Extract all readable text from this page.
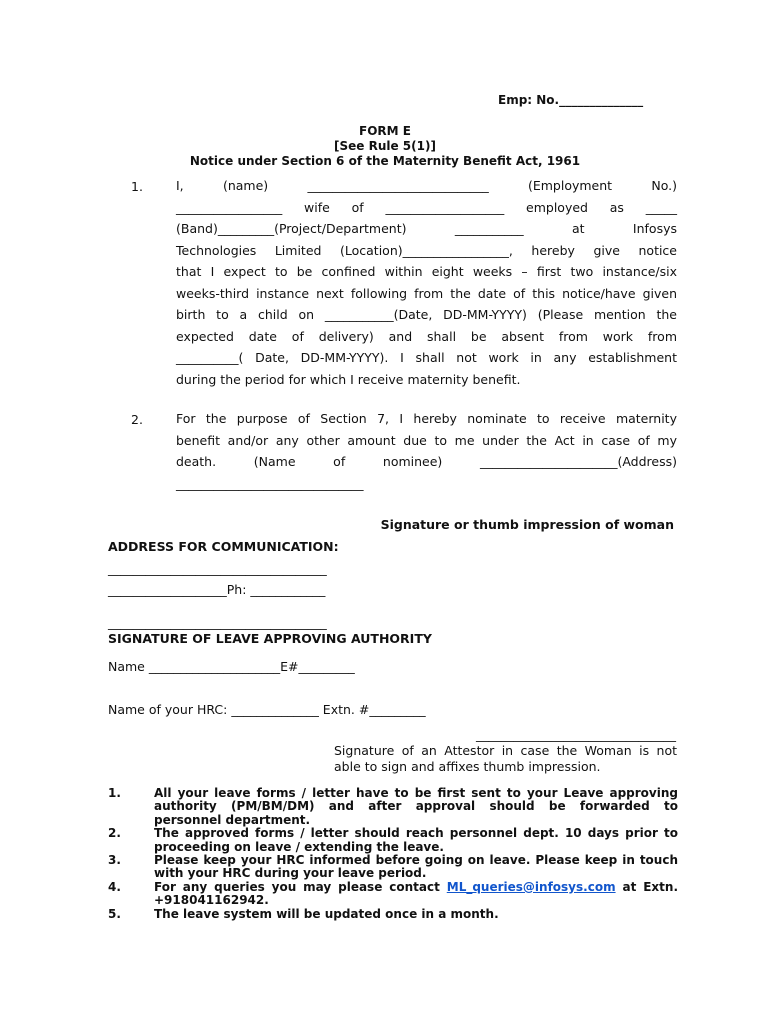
Emp: No.______________
FORM E
[See Rule 5(1)]
Notice under Section 6 of the Maternity Benefit Act, 1961
1.	I, (name) _____________________________ (Employment No.)
_________________ wife of ___________________ employed as _____
(Band)_________(Project/Department) ___________ at Infosys
Technologies Limited (Location)_________________, hereby give notice
that I expect to be confined within eight weeks – first two instance/six
weeks-third instance next following from the date of this notice/have given
birth to a child on ___________(Date, DD-MM-YYYY) (Please mention the
expected date of delivery) and shall be absent from work from
__________( Date, DD-MM-YYYY). I shall not work in any establishment
during the period for which I receive maternity benefit.
2.	For the purpose of Section 7, I hereby nominate to receive maternity
benefit and/or any other amount due to me under the Act in case of my
death. (Name of nominee) ______________________(Address)
______________________________
Signature or thumb impression of woman
ADDRESS FOR COMMUNICATION:
___________________________________
___________________Ph: ____________
___________________________________
SIGNATURE OF LEAVE APPROVING AUTHORITY
Name _____________________E#_________
Name of your HRC: ______________ Extn. #_________
________________________________
Signature of an Attestor in case the Woman is not
able to sign and affixes thumb impression.
1.	All your leave forms / letter have to be first sent to your Leave approving
authority (PM/BM/DM) and after approval should be forwarded to
personnel department.
2.	The approved forms / letter should reach personnel dept. 10 days prior to
proceeding on leave / extending the leave.
3.	Please keep your HRC informed before going on leave. Please keep in touch
with your HRC during your leave period.
4.	For any queries you may please contact ML_queries@infosys.com at Extn.
+918041162942.
5.	The leave system will be updated once in a month.
